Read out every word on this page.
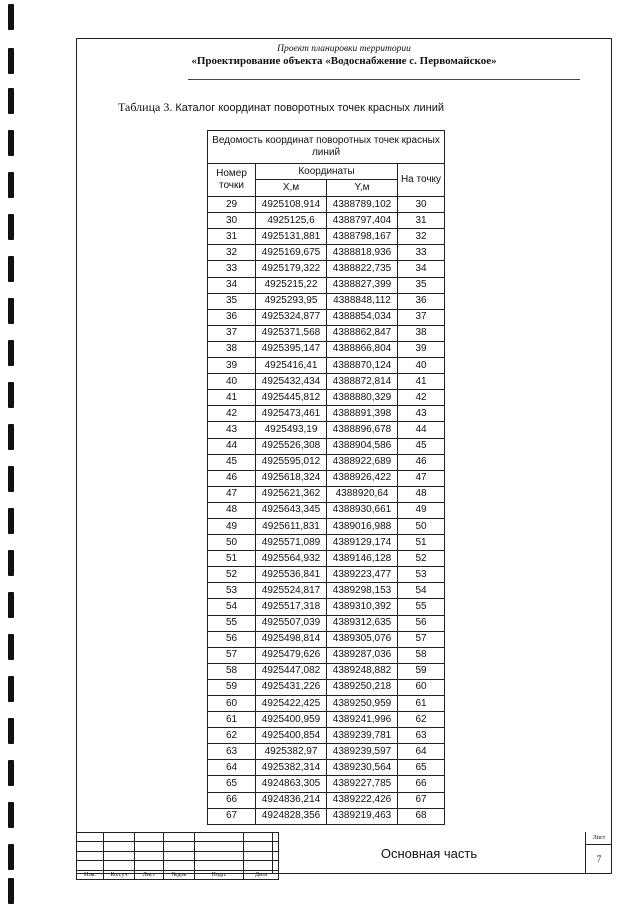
Проект планировки территории
«Проектирование объекта «Водоснабжение с. Первомайское»
Таблица 3. Каталог координат поворотных точек красных линий
Ведомость координат поворотных точек красных линий			
Номер точки	Координаты		На точку
	X,м	Y,м	
29	4925108,914	4388789,102	30
30	4925125,6	4388797,404	31
31	4925131,881	4388798,167	32
32	4925169,675	4388818,936	33
33	4925179,322	4388822,735	34
34	4925215,22	4388827,399	35
35	4925293,95	4388848,112	36
36	4925324,877	4388854,034	37
37	4925371,568	4388862,847	38
38	4925395,147	4388866,804	39
39	4925416,41	4388870,124	40
40	4925432,434	4388872,814	41
41	4925445,812	4388880,329	42
42	4925473,461	4388891,398	43
43	4925493,19	4388896,678	44
44	4925526,308	4388904,586	45
45	4925595,012	4388922,689	46
46	4925618,324	4388926,422	47
47	4925621,362	4388920,64	48
48	4925643,345	4388930,661	49
49	4925611,831	4389016,988	50
50	4925571,089	4389129,174	51
51	4925564,932	4389146,128	52
52	4925536,841	4389223,477	53
53	4925524,817	4389298,153	54
54	4925517,318	4389310,392	55
55	4925507,039	4389312,635	56
56	4925498,814	4389305,076	57
57	4925479,626	4389287,036	58
58	4925447,082	4389248,882	59
59	4925431,226	4389250,218	60
60	4925422,425	4389250,959	61
61	4925400,959	4389241,996	62
62	4925400,854	4389239,781	63
63	4925382,97	4389239,597	64
64	4925382,314	4389230,564	65
65	4924863,305	4389227,785	66
66	4924836,214	4389222,426	67
67	4924828,356	4389219,463	68

Изм.	Кол.уч	Лист	№док	Подп.	Дата
Основная часть
Лист
7
